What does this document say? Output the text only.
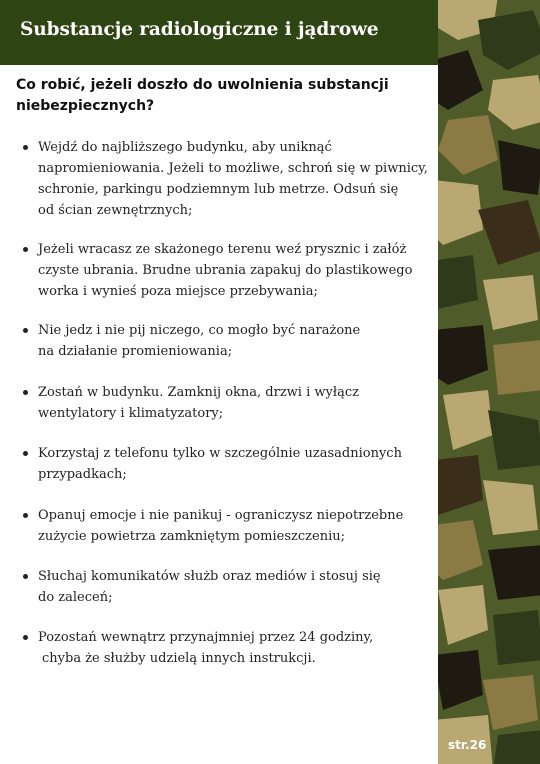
Substancje radiologiczne i jądrowe
Co robić, jeżeli doszło do uwolnienia substancji
niebezpiecznych?
Wejdź do najbliższego budynku, aby uniknąć
napromieniowania. Jeżeli to możliwe, schroń się w piwnicy,
schronie, parkingu podziemnym lub metrze. Odsuń się
od ścian zewnętrznych;
Jeżeli wracasz ze skażonego terenu weź prysznic i załóż
czyste ubrania. Brudne ubrania zapakuj do plastikowego
worka i wynieś poza miejsce przebywania;
Nie jedz i nie pij niczego, co mogło być narażone
na działanie promieniowania;
Zostań w budynku. Zamknij okna, drzwi i wyłącz
wentylatory i klimatyzatory;
Korzystaj z telefonu tylko w szczególnie uzasadnionych
przypadkach;
Opanuj emocje i nie panikuj - ograniczysz niepotrzebne
zużycie powietrza zamkniętym pomieszczeniu;
Słuchaj komunikatów służb oraz mediów i stosuj się
do zaleceń;
Pozostań wewnątrz przynajmniej przez 24 godziny,
chyba że służby udzielą innych instrukcji.
str.26
